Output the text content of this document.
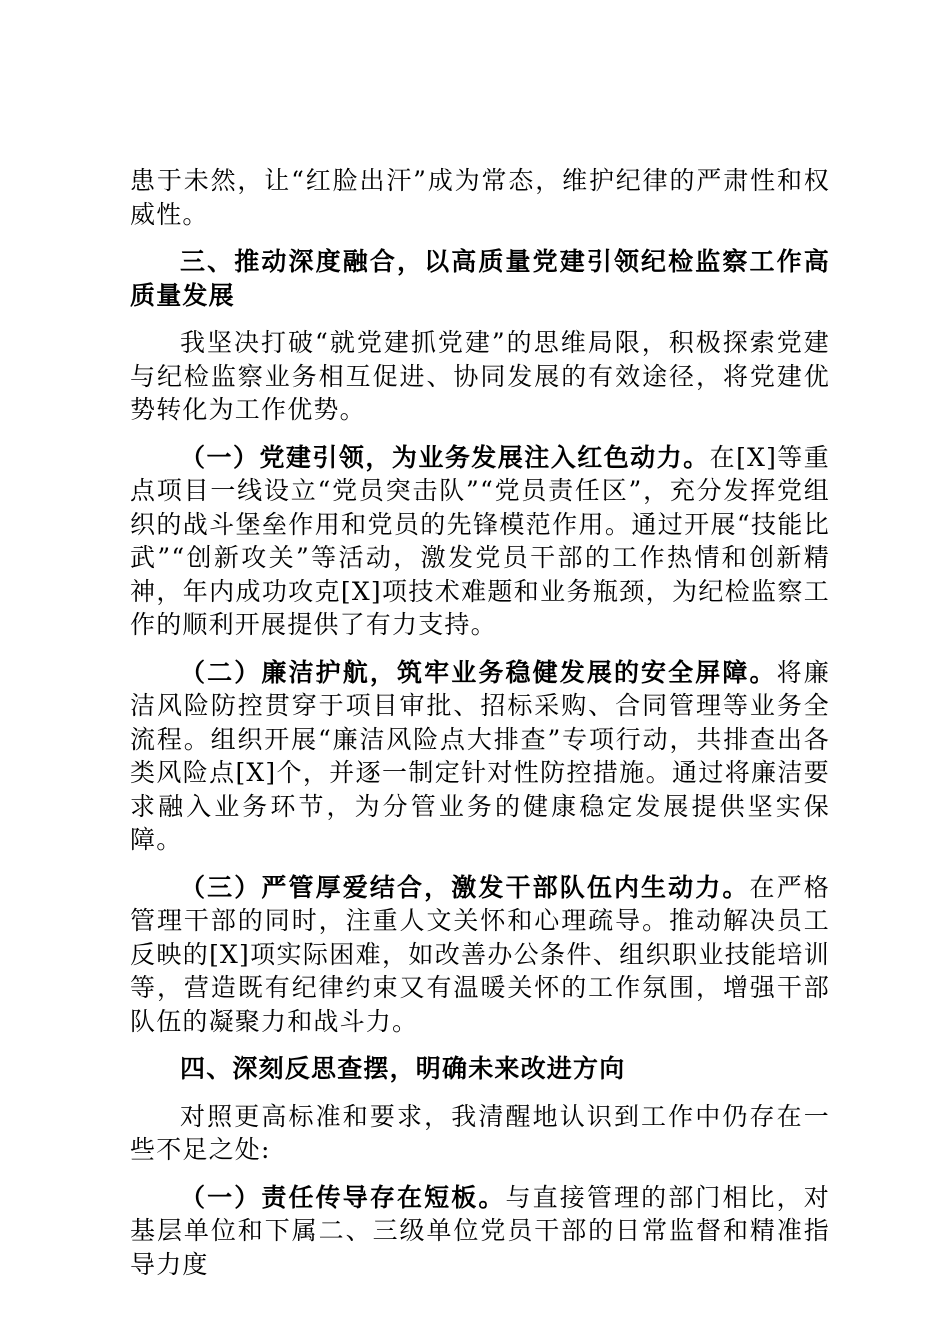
患于未然，让“红脸出汗”成为常态，维护纪律的严肃性和权威性。

三、推动深度融合，以高质量党建引领纪检监察工作高质量发展

我坚决打破“就党建抓党建”的思维局限，积极探索党建与纪检监察业务相互促进、协同发展的有效途径，将党建优势转化为工作优势。

（一）党建引领，为业务发展注入红色动力。在[X]等重点项目一线设立“党员突击队”“党员责任区”，充分发挥党组织的战斗堡垒作用和党员的先锋模范作用。通过开展“技能比武”“创新攻关”等活动，激发党员干部的工作热情和创新精神，年内成功攻克[X]项技术难题和业务瓶颈，为纪检监察工作的顺利开展提供了有力支持。

（二）廉洁护航，筑牢业务稳健发展的安全屏障。将廉洁风险防控贯穿于项目审批、招标采购、合同管理等业务全流程。组织开展“廉洁风险点大排查”专项行动，共排查出各类风险点[X]个，并逐一制定针对性防控措施。通过将廉洁要求融入业务环节，为分管业务的健康稳定发展提供坚实保障。

（三）严管厚爱结合，激发干部队伍内生动力。在严格管理干部的同时，注重人文关怀和心理疏导。推动解决员工反映的[X]项实际困难，如改善办公条件、组织职业技能培训等，营造既有纪律约束又有温暖关怀的工作氛围，增强干部队伍的凝聚力和战斗力。

四、深刻反思查摆，明确未来改进方向

对照更高标准和要求，我清醒地认识到工作中仍存在一些不足之处:

（一）责任传导存在短板。与直接管理的部门相比，对基层单位和下属二、三级单位党员干部的日常监督和精准指导力度
